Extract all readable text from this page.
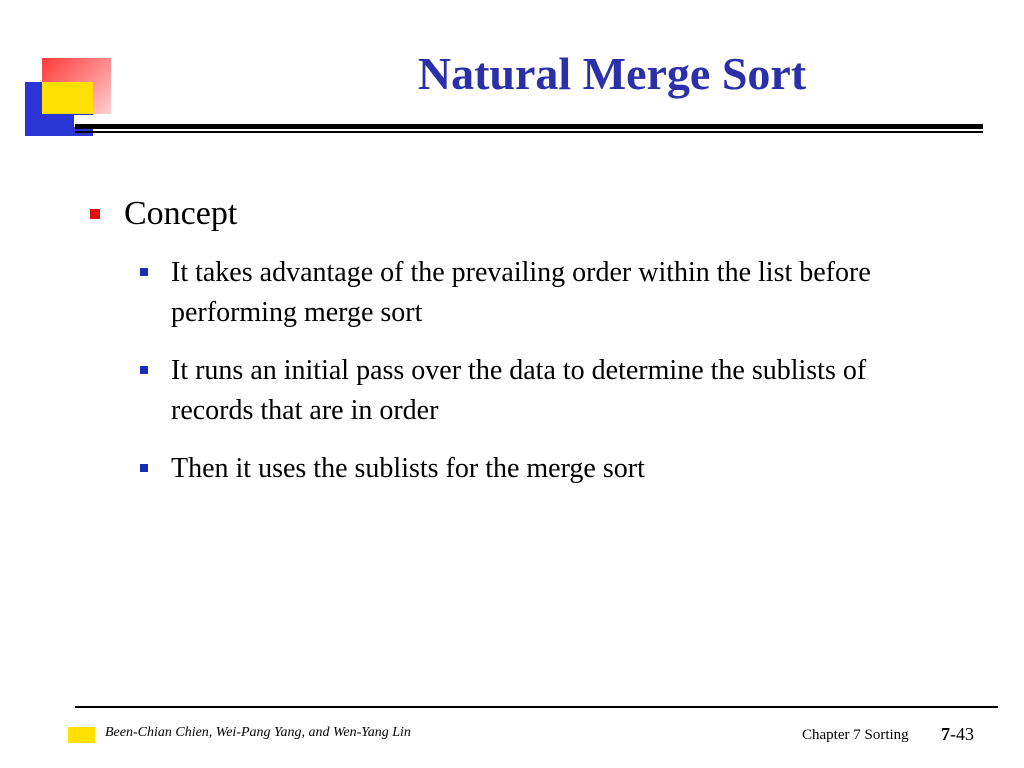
Natural Merge Sort
Concept
It takes advantage of the prevailing order within the list before performing merge sort
It runs an initial pass over the data to determine the sublists of records that are in order
Then it uses the sublists for the merge sort
Been-Chian Chien, Wei-Pang Yang, and Wen-Yang Lin	Chapter 7 Sorting 7-43
